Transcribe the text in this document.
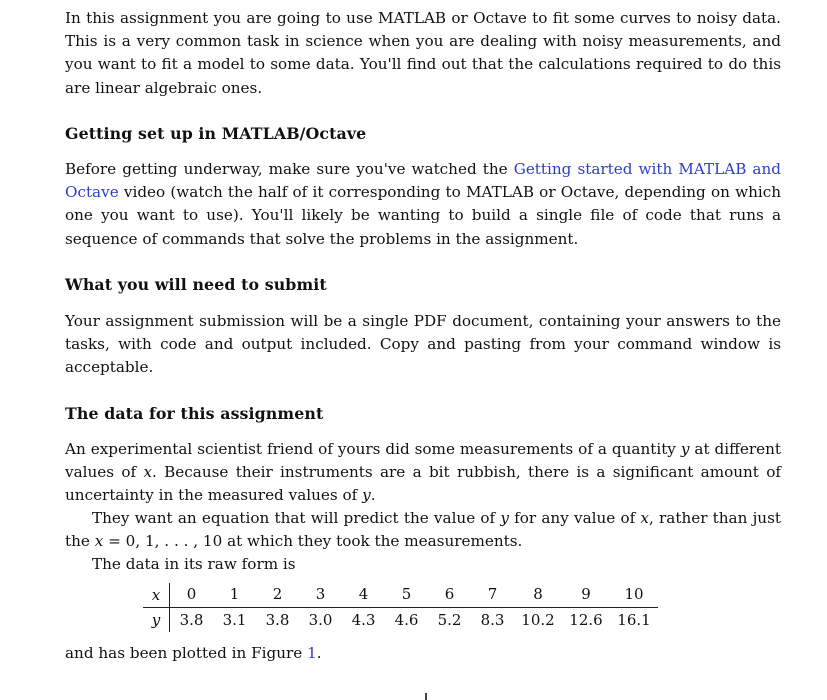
In this assignment you are going to use MATLAB or Octave to fit some curves to noisy data. This is a very common task in science when you are dealing with noisy measurements, and you want to fit a model to some data. You'll find out that the calculations required to do this are linear algebraic ones.

Getting set up in MATLAB/Octave

Before getting underway, make sure you've watched the Getting started with MATLAB and Octave video (watch the half of it corresponding to MATLAB or Octave, depending on which one you want to use). You'll likely be wanting to build a single file of code that runs a sequence of commands that solve the problems in the assignment.

What you will need to submit

Your assignment submission will be a single PDF document, containing your answers to the tasks, with code and output included. Copy and pasting from your command window is acceptable.

The data for this assignment

An experimental scientist friend of yours did some measurements of a quantity y at different values of x. Because their instruments are a bit rubbish, there is a significant amount of uncertainty in the measured values of y.

They want an equation that will predict the value of y for any value of x, rather than just the x = 0, 1, . . . , 10 at which they took the measurements.

The data in its raw form is

x	0	1	2	3	4	5	6	7	8	9	10
y	3.8	3.1	3.8	3.0	4.3	4.6	5.2	8.3	10.2	12.6	16.1

and has been plotted in Figure 1.
